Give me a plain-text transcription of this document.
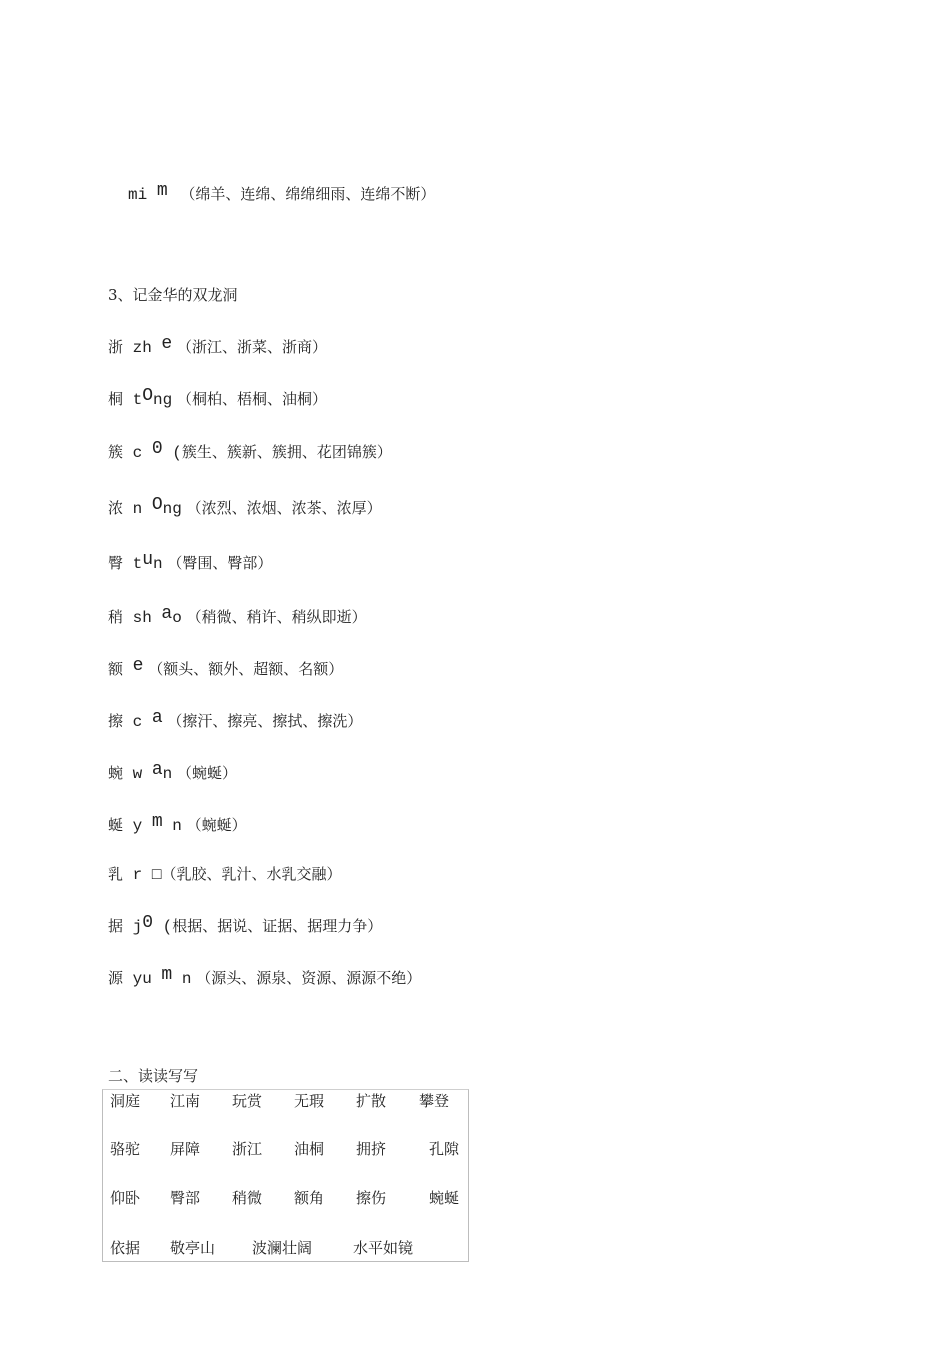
mi m （绵羊、连绵、绵绵细雨、连绵不断）
3、记金华的双龙洞
浙 zh e （浙江、浙菜、浙商）
桐 tOng （桐柏、梧桐、油桐）
簇 c 0 (簇生、簇新、簇拥、花团锦簇）
浓 n Ong （浓烈、浓烟、浓茶、浓厚）
臀 tun （臀围、臀部）
稍 sh ao （稍微、稍许、稍纵即逝）
额 e （额头、额外、超额、名额）
擦 c a （擦汗、擦亮、擦拭、擦洗）
蜿 w an （蜿蜒）
蜒 y m n （蜿蜒）
乳 r □（乳胶、乳汁、水乳交融）
据 j0 (根据、据说、证据、据理力争）
源 yu m n （源头、源泉、资源、源源不绝）
二、读读写写
洞庭 江南 玩赏 无瑕 扩散 攀登
骆驼 屏障 浙江 油桐 拥挤	孔隙
仰卧 臀部 稍微 额角 擦伤	蜿蜒
依据 敬亭山 波澜壮阔	水平如镜
